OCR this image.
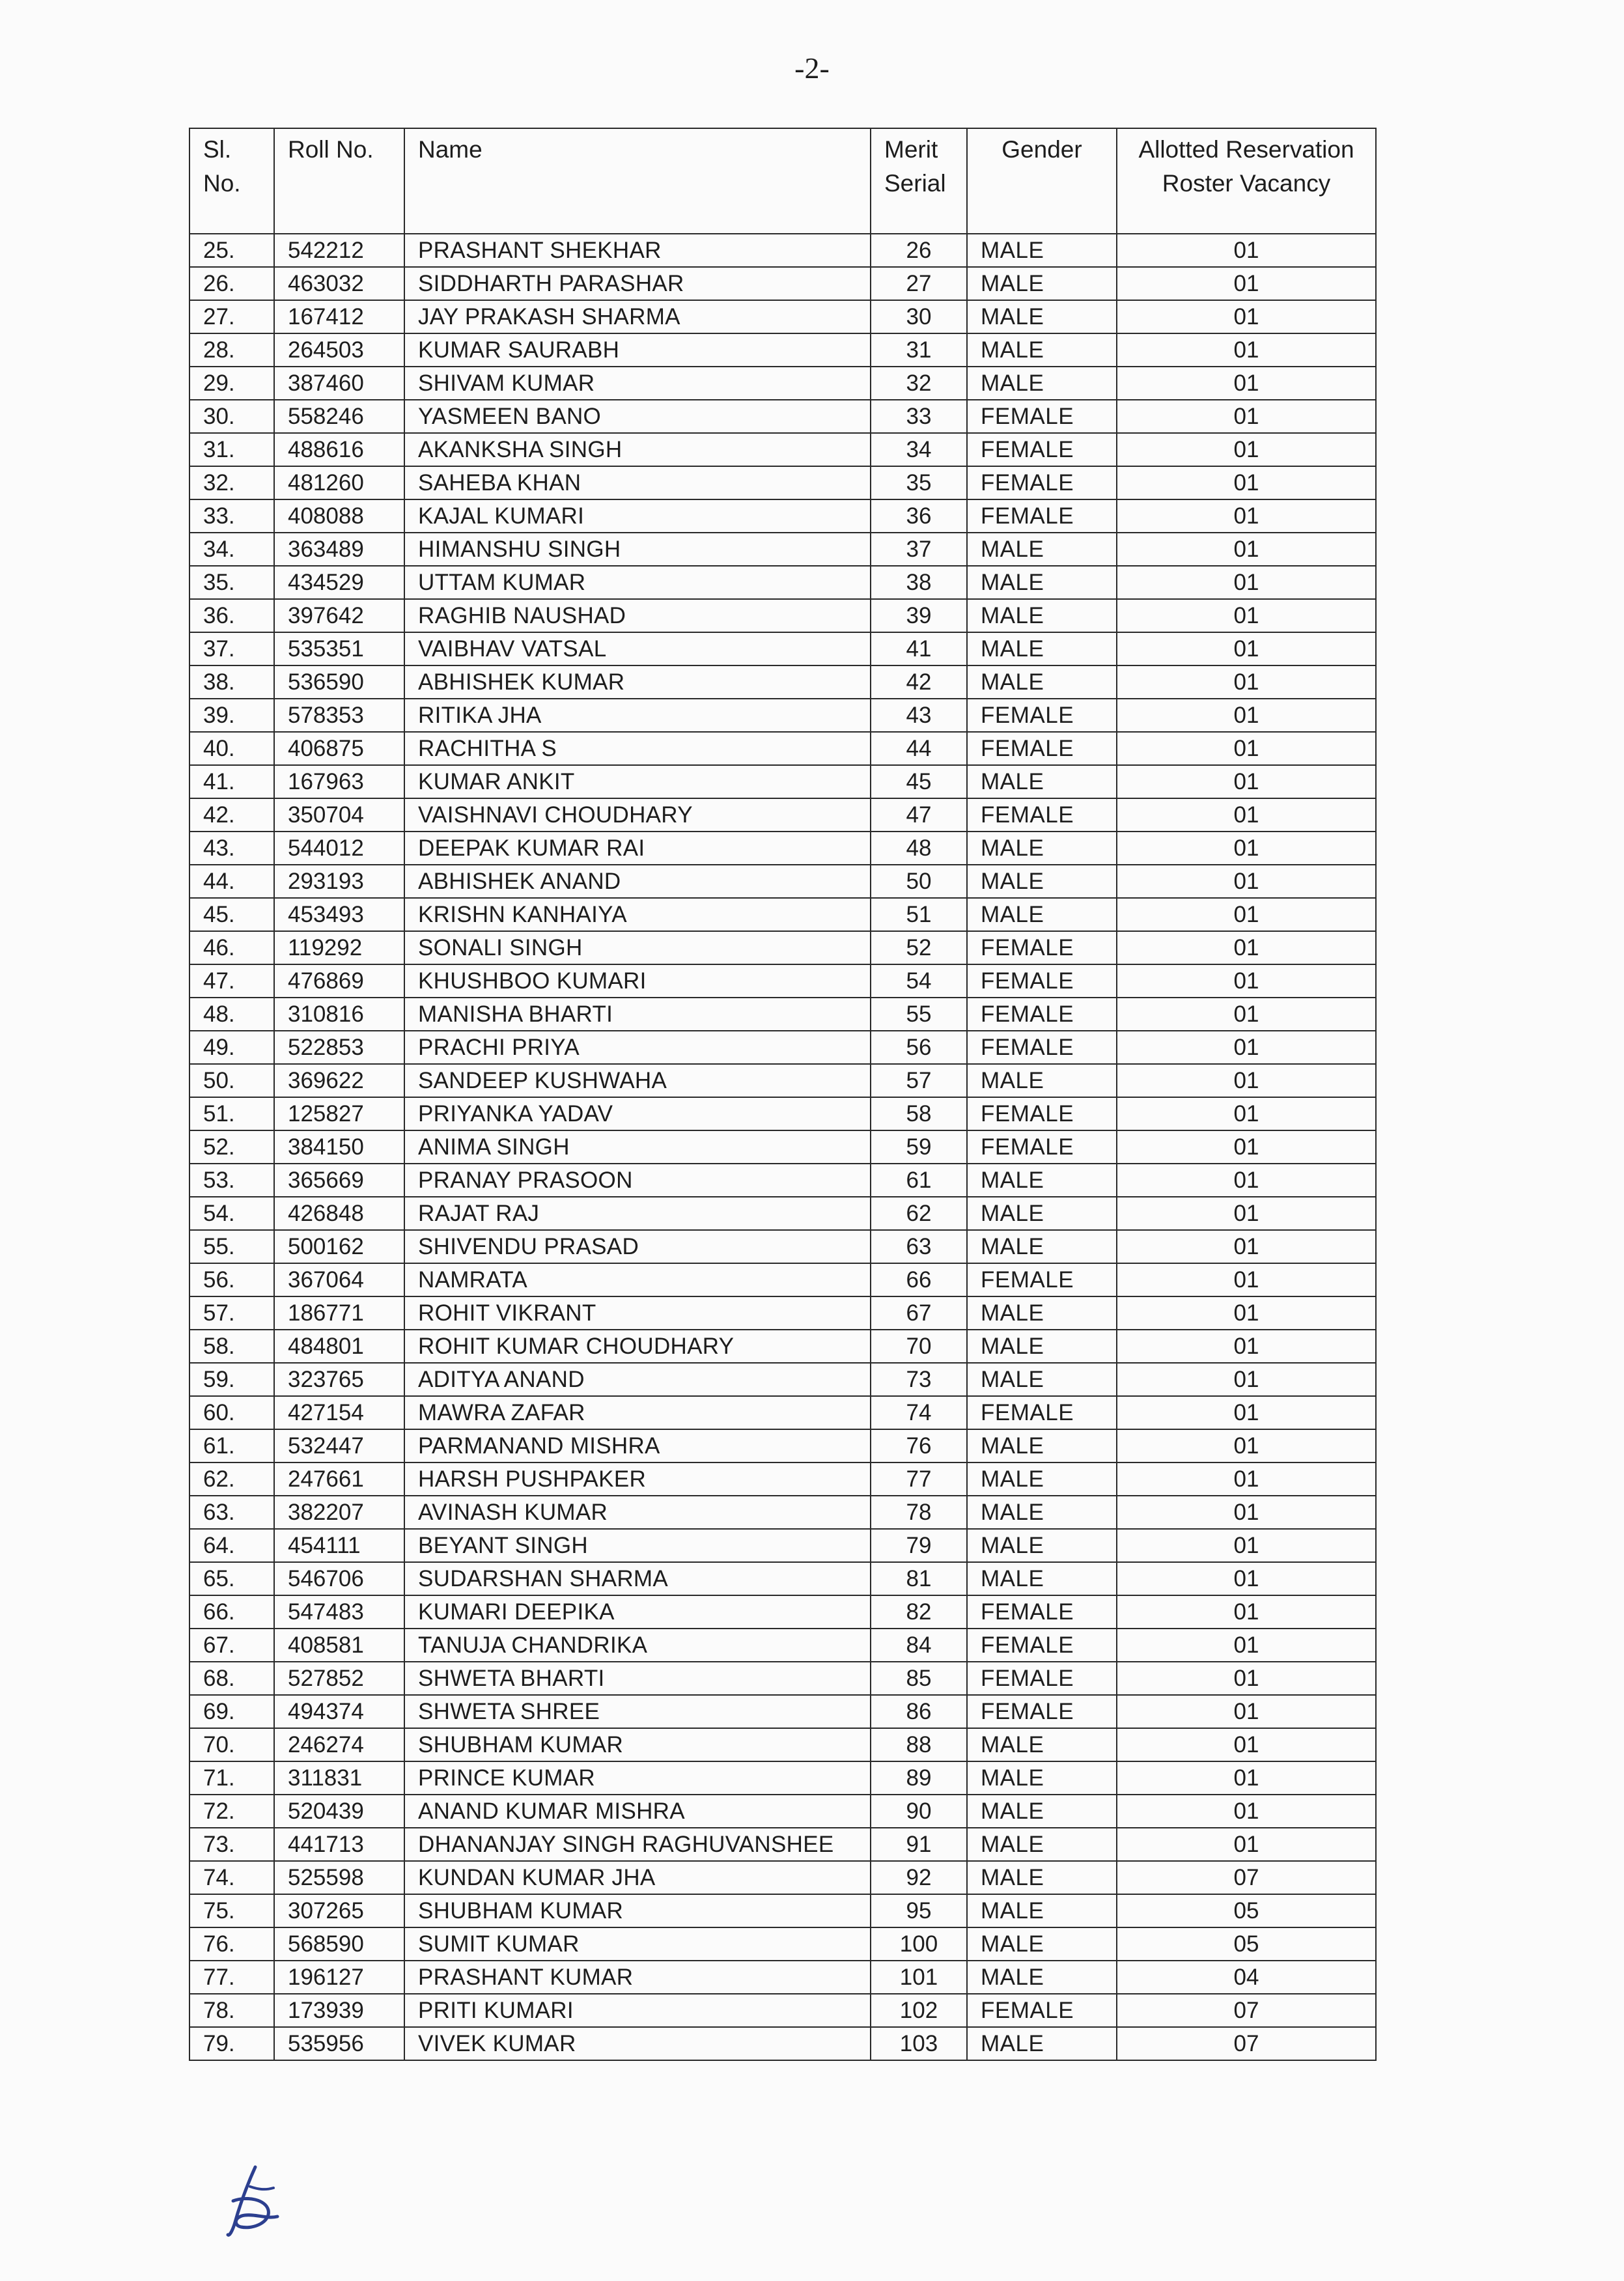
-2-
Sl. No.	Roll No.	Name	Merit Serial	Gender	Allotted Reservation Roster Vacancy
25.	542212	PRASHANT SHEKHAR	26	MALE	01
26.	463032	SIDDHARTH PARASHAR	27	MALE	01
27.	167412	JAY PRAKASH SHARMA	30	MALE	01
28.	264503	KUMAR SAURABH	31	MALE	01
29.	387460	SHIVAM KUMAR	32	MALE	01
30.	558246	YASMEEN BANO	33	FEMALE	01
31.	488616	AKANKSHA SINGH	34	FEMALE	01
32.	481260	SAHEBA KHAN	35	FEMALE	01
33.	408088	KAJAL KUMARI	36	FEMALE	01
34.	363489	HIMANSHU SINGH	37	MALE	01
35.	434529	UTTAM KUMAR	38	MALE	01
36.	397642	RAGHIB NAUSHAD	39	MALE	01
37.	535351	VAIBHAV VATSAL	41	MALE	01
38.	536590	ABHISHEK KUMAR	42	MALE	01
39.	578353	RITIKA JHA	43	FEMALE	01
40.	406875	RACHITHA S	44	FEMALE	01
41.	167963	KUMAR ANKIT	45	MALE	01
42.	350704	VAISHNAVI CHOUDHARY	47	FEMALE	01
43.	544012	DEEPAK KUMAR RAI	48	MALE	01
44.	293193	ABHISHEK ANAND	50	MALE	01
45.	453493	KRISHN KANHAIYA	51	MALE	01
46.	119292	SONALI SINGH	52	FEMALE	01
47.	476869	KHUSHBOO KUMARI	54	FEMALE	01
48.	310816	MANISHA BHARTI	55	FEMALE	01
49.	522853	PRACHI PRIYA	56	FEMALE	01
50.	369622	SANDEEP KUSHWAHA	57	MALE	01
51.	125827	PRIYANKA YADAV	58	FEMALE	01
52.	384150	ANIMA SINGH	59	FEMALE	01
53.	365669	PRANAY PRASOON	61	MALE	01
54.	426848	RAJAT RAJ	62	MALE	01
55.	500162	SHIVENDU PRASAD	63	MALE	01
56.	367064	NAMRATA	66	FEMALE	01
57.	186771	ROHIT VIKRANT	67	MALE	01
58.	484801	ROHIT KUMAR CHOUDHARY	70	MALE	01
59.	323765	ADITYA ANAND	73	MALE	01
60.	427154	MAWRA ZAFAR	74	FEMALE	01
61.	532447	PARMANAND MISHRA	76	MALE	01
62.	247661	HARSH PUSHPAKER	77	MALE	01
63.	382207	AVINASH KUMAR	78	MALE	01
64.	454111	BEYANT SINGH	79	MALE	01
65.	546706	SUDARSHAN SHARMA	81	MALE	01
66.	547483	KUMARI DEEPIKA	82	FEMALE	01
67.	408581	TANUJA CHANDRIKA	84	FEMALE	01
68.	527852	SHWETA BHARTI	85	FEMALE	01
69.	494374	SHWETA SHREE	86	FEMALE	01
70.	246274	SHUBHAM KUMAR	88	MALE	01
71.	311831	PRINCE KUMAR	89	MALE	01
72.	520439	ANAND KUMAR MISHRA	90	MALE	01
73.	441713	DHANANJAY SINGH RAGHUVANSHEE	91	MALE	01
74.	525598	KUNDAN KUMAR JHA	92	MALE	07
75.	307265	SHUBHAM KUMAR	95	MALE	05
76.	568590	SUMIT KUMAR	100	MALE	05
77.	196127	PRASHANT KUMAR	101	MALE	04
78.	173939	PRITI KUMARI	102	FEMALE	07
79.	535956	VIVEK KUMAR	103	MALE	07
